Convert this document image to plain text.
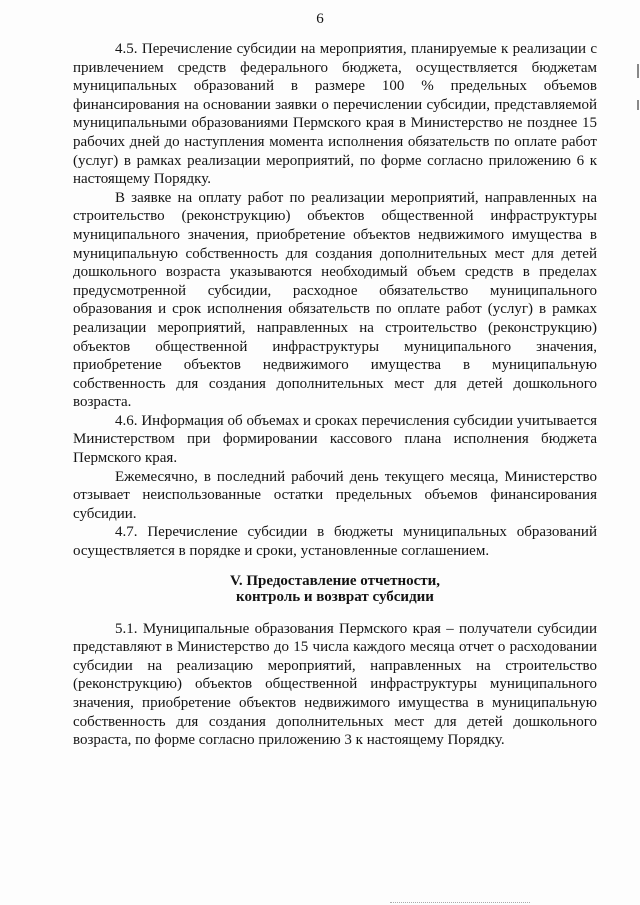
6

4.5. Перечисление субсидии на мероприятия, планируемые к реализации с привлечением средств федерального бюджета, осуществляется бюджетам муниципальных образований в размере 100 % предельных объемов финансирования на основании заявки о перечислении субсидии, представляемой муниципальными образованиями Пермского края в Министерство не позднее 15 рабочих дней до наступления момента исполнения обязательств по оплате работ (услуг) в рамках реализации мероприятий, по форме согласно приложению 6 к настоящему Порядку.

В заявке на оплату работ по реализации мероприятий, направленных на строительство (реконструкцию) объектов общественной инфраструктуры муниципального значения, приобретение объектов недвижимого имущества в муниципальную собственность для создания дополнительных мест для детей дошкольного возраста указываются необходимый объем средств в пределах предусмотренной субсидии, расходное обязательство муниципального образования и срок исполнения обязательств по оплате работ (услуг) в рамках реализации мероприятий, направленных на строительство (реконструкцию) объектов общественной инфраструктуры муниципального значения, приобретение объектов недвижимого имущества в муниципальную собственность для создания дополнительных мест для детей дошкольного возраста.

4.6. Информация об объемах и сроках перечисления субсидии учитывается Министерством при формировании кассового плана исполнения бюджета Пермского края.

Ежемесячно, в последний рабочий день текущего месяца, Министерство отзывает неиспользованные остатки предельных объемов финансирования субсидии.

4.7. Перечисление субсидии в бюджеты муниципальных образований осуществляется в порядке и сроки, установленные соглашением.

V. Предоставление отчетности,
контроль и возврат субсидии

5.1. Муниципальные образования Пермского края – получатели субсидии представляют в Министерство до 15 числа каждого месяца отчет о расходовании субсидии на реализацию мероприятий, направленных на строительство (реконструкцию) объектов общественной инфраструктуры муниципального значения, приобретение объектов недвижимого имущества в муниципальную собственность для создания дополнительных мест для детей дошкольного возраста, по форме согласно приложению 3 к настоящему Порядку.
